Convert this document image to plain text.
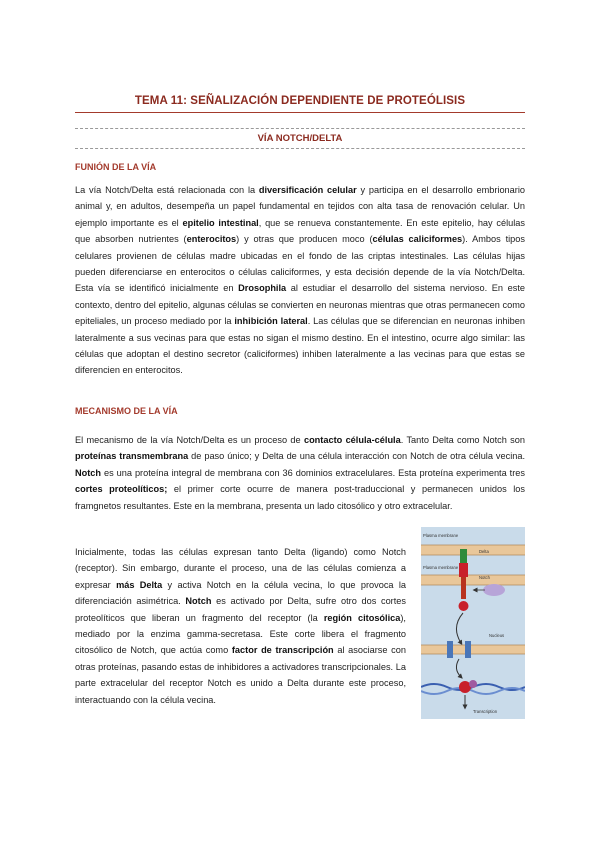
TEMA 11: SEÑALIZACIÓN DEPENDIENTE DE PROTEÓLISIS
VÍA NOTCH/DELTA
FUNIÓN DE LA VÍA

La vía Notch/Delta está relacionada con la diversificación celular y participa en el desarrollo embrionario animal y, en adultos, desempeña un papel fundamental en tejidos con alta tasa de renovación celular. Un ejemplo importante es el epitelio intestinal, que se renueva constantemente. En este epitelio, hay células que absorben nutrientes (enterocitos) y otras que producen moco (células caliciformes). Ambos tipos celulares provienen de células madre ubicadas en el fondo de las criptas intestinales. Las células hijas pueden diferenciarse en enterocitos o células caliciformes, y esta decisión depende de la vía Notch/Delta. Esta vía se identificó inicialmente en Drosophila al estudiar el desarrollo del sistema nervioso. En este contexto, dentro del epitelio, algunas células se convierten en neuronas mientras que otras permanecen como epiteliales, un proceso mediado por la inhibición lateral. Las células que se diferencian en neuronas inhiben lateralmente a sus vecinas para que estas no sigan el mismo destino. En el intestino, ocurre algo similar: las células que adoptan el destino secretor (caliciformes) inhiben lateralmente a las vecinas para que estas se diferencien en enterocitos.

MECANISMO DE LA VÍA

El mecanismo de la vía Notch/Delta es un proceso de contacto célula-célula. Tanto Delta como Notch son proteínas transmembrana de paso único; y Delta de una célula interacción con Notch de otra célula vecina. Notch es una proteína integral de membrana con 36 dominios extracelulares. Esta proteína experimenta tres cortes proteolíticos; el primer corte ocurre de manera post-traduccional y permanecen unidos los framgnetos resultantes. Este en la membrana, presenta un lado citosólico y otro extracelular.

Inicialmente, todas las células expresan tanto Delta (ligando) como Notch (receptor). Sin embargo, durante el proceso, una de las células comienza a expresar más Delta y activa Notch en la célula vecina, lo que provoca la diferenciación asimétrica. Notch es activado por Delta, sufre otro dos cortes proteolíticos que liberan un fragmento del receptor (la región citosólica), mediado por la enzima gamma-secretasa. Este corte libera el fragmento citosólico de Notch, que actúa como factor de transcripción al asociarse con otras proteínas, pasando estas de inhibidores a activadores transcripcionales. La parte extracelular del receptor Notch es unido a Delta durante este proceso, interactuando con la célula vecina.

Plasma membrane
Delta
Plasma membrane
Notch
Nucleus
Transcription
